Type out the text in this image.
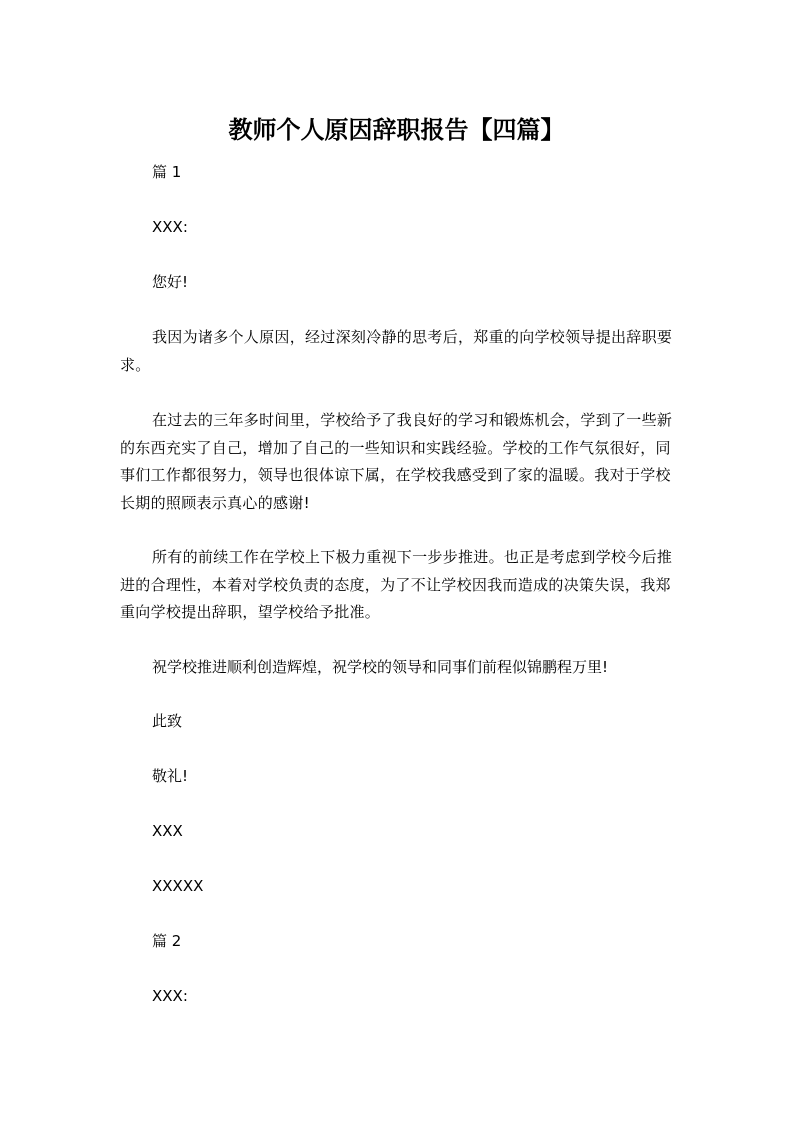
教师个人原因辞职报告【四篇】

篇 1

XXX:

您好!

我因为诸多个人原因，经过深刻冷静的思考后，郑重的向学校领导提出辞职要求。

在过去的三年多时间里，学校给予了我良好的学习和锻炼机会，学到了一些新的东西充实了自己，增加了自己的一些知识和实践经验。学校的工作气氛很好，同事们工作都很努力，领导也很体谅下属，在学校我感受到了家的温暖。我对于学校长期的照顾表示真心的感谢!

所有的前续工作在学校上下极力重视下一步步推进。也正是考虑到学校今后推进的合理性，本着对学校负责的态度，为了不让学校因我而造成的决策失误，我郑重向学校提出辞职，望学校给予批准。

祝学校推进顺利创造辉煌，祝学校的领导和同事们前程似锦鹏程万里!

此致

敬礼!

XXX

XXXXX

篇 2

XXX:
